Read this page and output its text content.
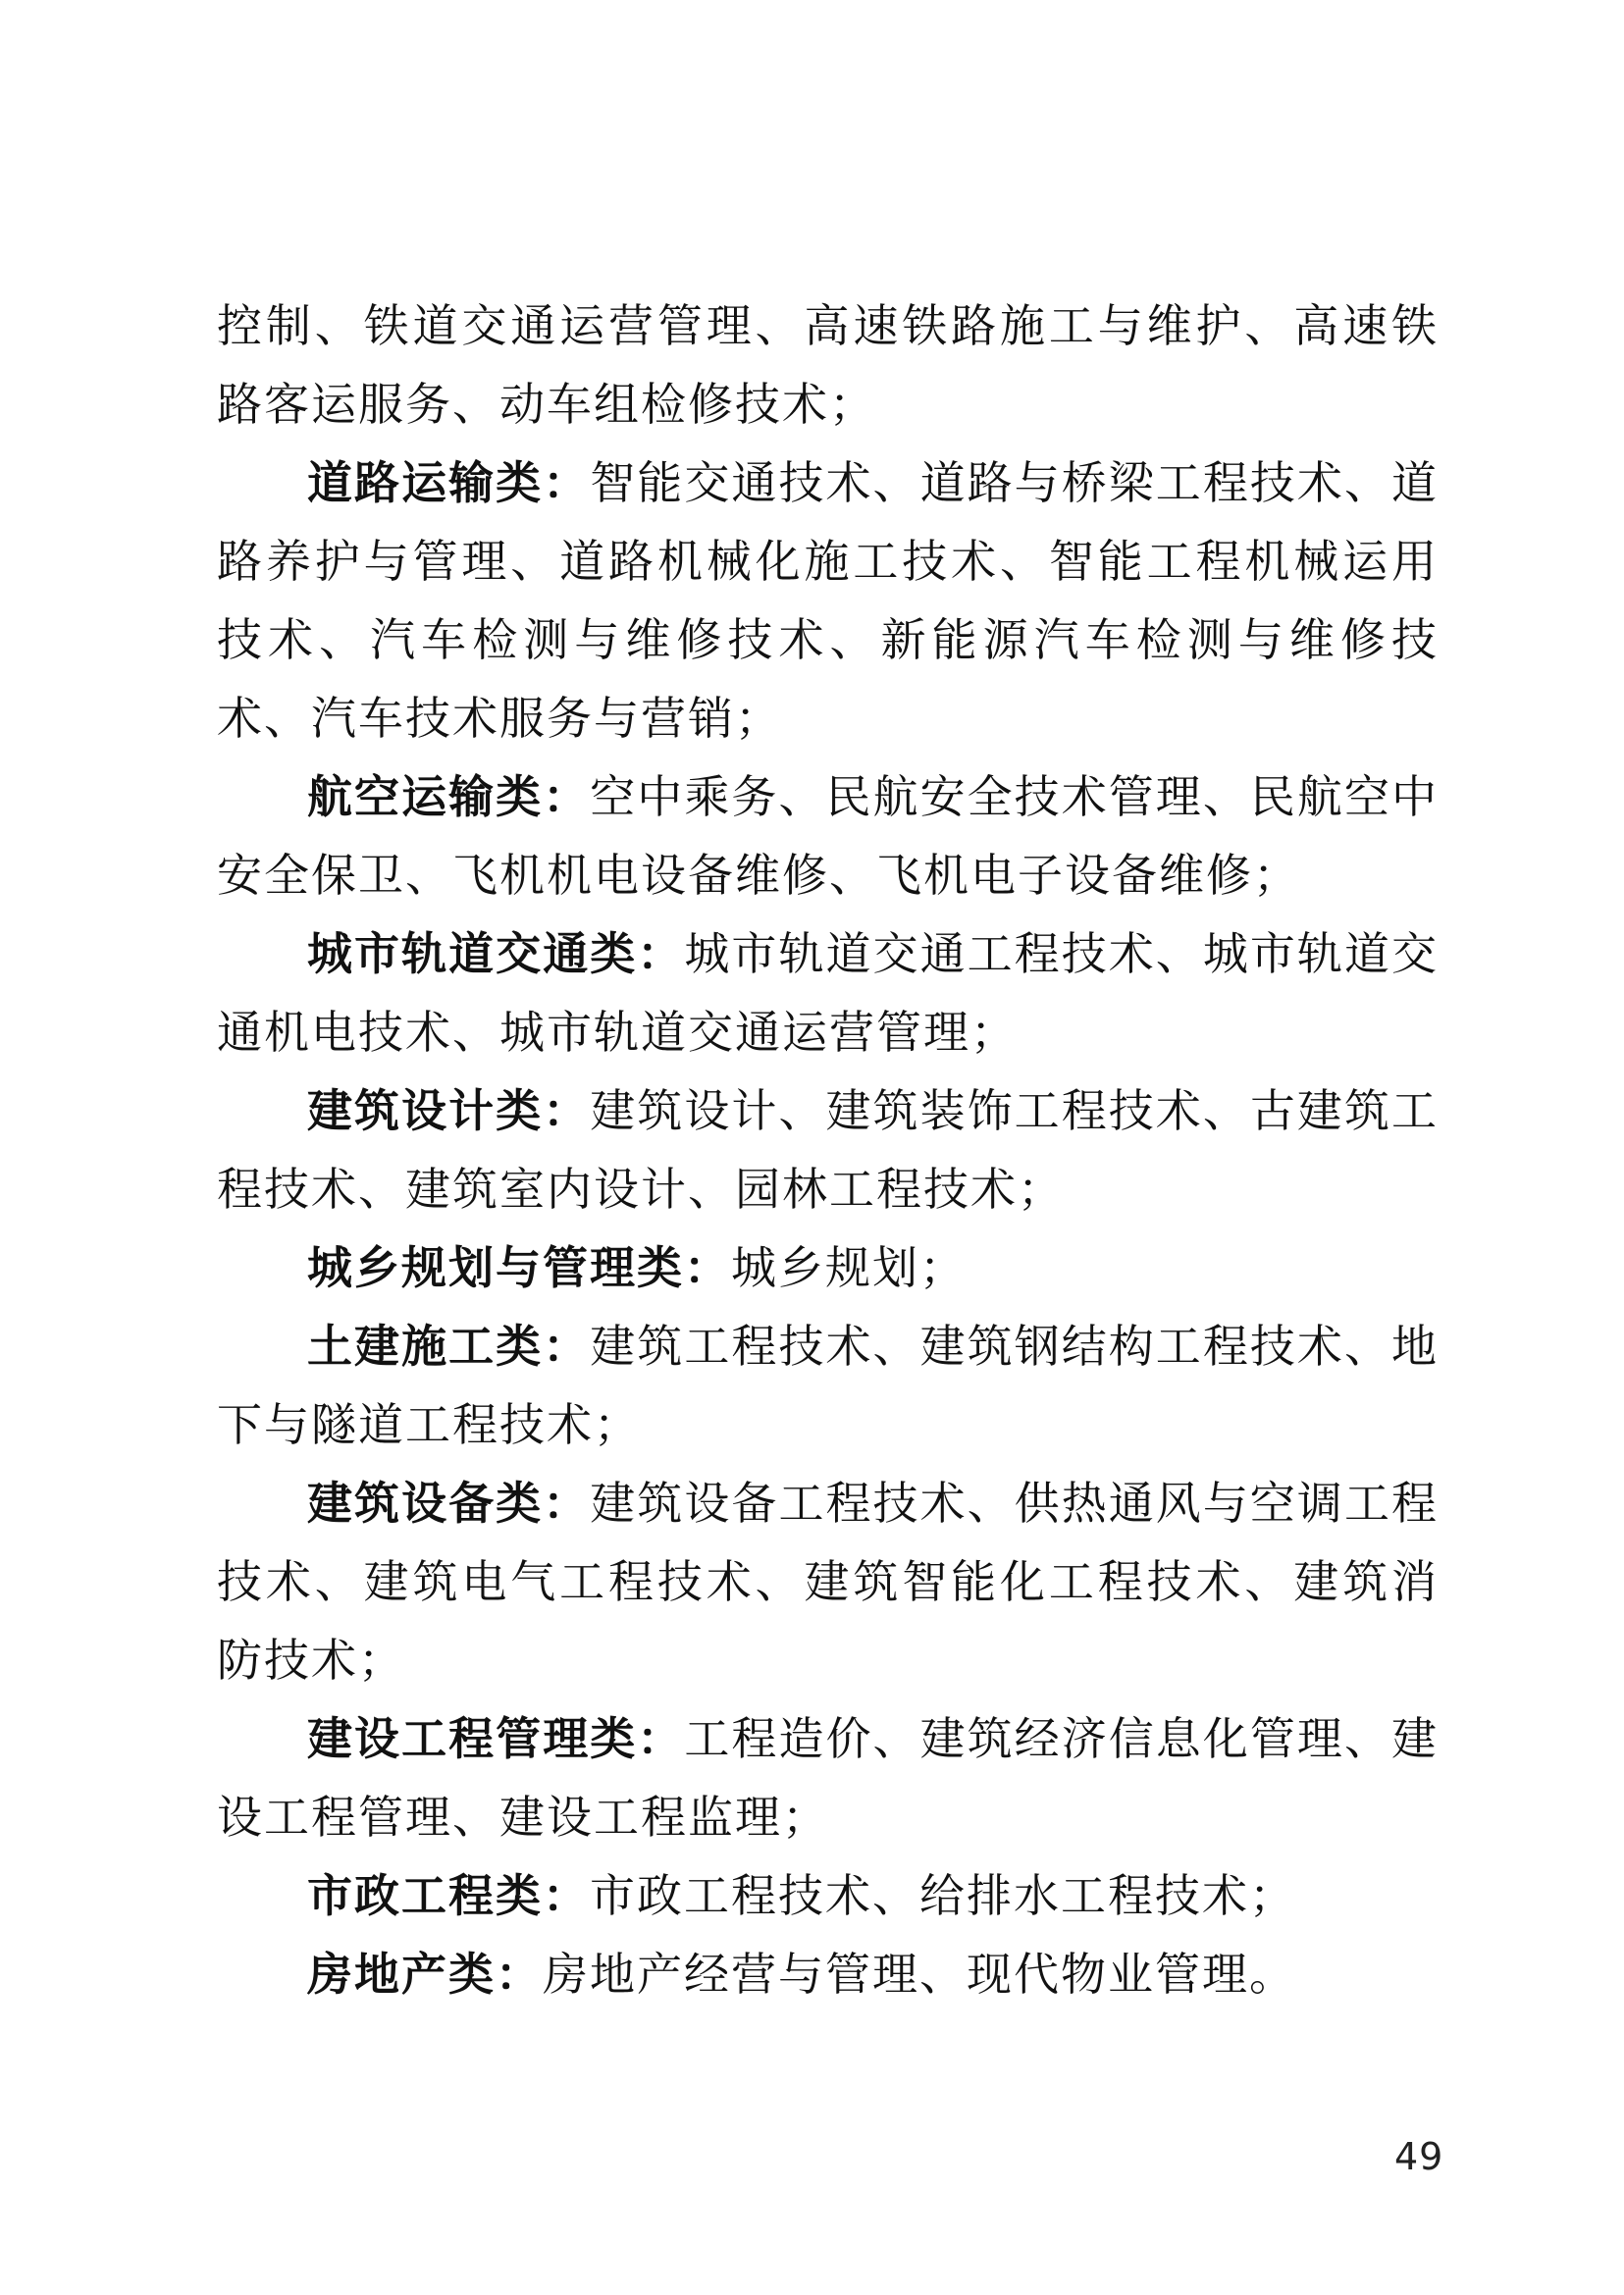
控制、铁道交通运营管理、高速铁路施工与维护、高速铁路客运服务、动车组检修技术；

道路运输类：智能交通技术、道路与桥梁工程技术、道路养护与管理、道路机械化施工技术、智能工程机械运用技术、汽车检测与维修技术、新能源汽车检测与维修技术、汽车技术服务与营销；

航空运输类：空中乘务、民航安全技术管理、民航空中安全保卫、飞机机电设备维修、飞机电子设备维修；

城市轨道交通类：城市轨道交通工程技术、城市轨道交通机电技术、城市轨道交通运营管理；

建筑设计类：建筑设计、建筑装饰工程技术、古建筑工程技术、建筑室内设计、园林工程技术；

城乡规划与管理类：城乡规划；

土建施工类：建筑工程技术、建筑钢结构工程技术、地下与隧道工程技术；

建筑设备类：建筑设备工程技术、供热通风与空调工程技术、建筑电气工程技术、建筑智能化工程技术、建筑消防技术；

建设工程管理类：工程造价、建筑经济信息化管理、建设工程管理、建设工程监理；

市政工程类：市政工程技术、给排水工程技术；

房地产类：房地产经营与管理、现代物业管理。

49
